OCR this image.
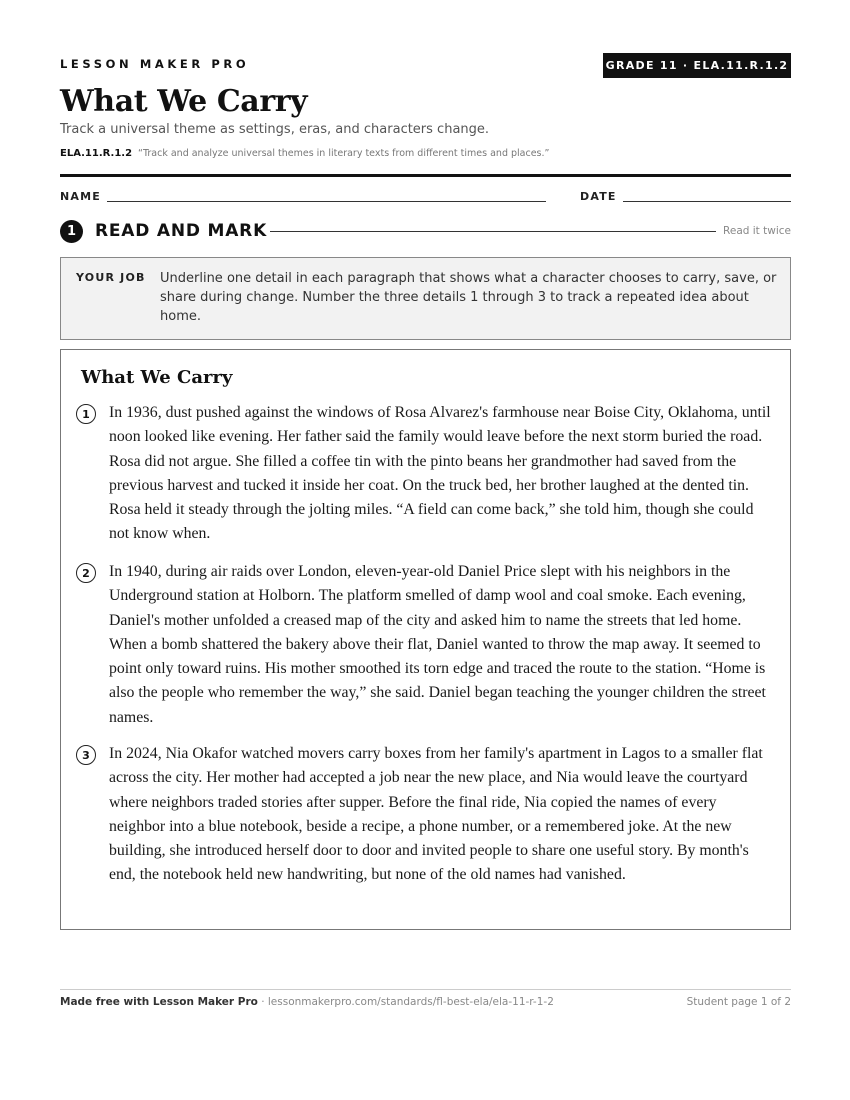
LESSON MAKER PRO	GRADE 11 · ELA.11.R.1.2
What We Carry
Track a universal theme as settings, eras, and characters change.
ELA.11.R.1.2 “Track and analyze universal themes in literary texts from different times and places.”
NAME	DATE
1	READ AND MARK	Read it twice
YOUR JOB Underline one detail in each paragraph that shows what a character chooses to carry, save, or share during change. Number the three details 1 through 3 to track a repeated idea about home.
What We Carry
1	In 1936, dust pushed against the windows of Rosa Alvarez's farmhouse near Boise City, Oklahoma, until noon looked like evening. Her father said the family would leave before the next storm buried the road. Rosa did not argue. She filled a coffee tin with the pinto beans her grandmother had saved from the previous harvest and tucked it inside her coat. On the truck bed, her brother laughed at the dented tin. Rosa held it steady through the jolting miles. “A field can come back,” she told him, though she could not know when.
2	In 1940, during air raids over London, eleven-year-old Daniel Price slept with his neighbors in the Underground station at Holborn. The platform smelled of damp wool and coal smoke. Each evening, Daniel's mother unfolded a creased map of the city and asked him to name the streets that led home. When a bomb shattered the bakery above their flat, Daniel wanted to throw the map away. It seemed to point only toward ruins. His mother smoothed its torn edge and traced the route to the station. “Home is also the people who remember the way,” she said. Daniel began teaching the younger children the street names.
3	In 2024, Nia Okafor watched movers carry boxes from her family's apartment in Lagos to a smaller flat across the city. Her mother had accepted a job near the new place, and Nia would leave the courtyard where neighbors traded stories after supper. Before the final ride, Nia copied the names of every neighbor into a blue notebook, beside a recipe, a phone number, or a remembered joke. At the new building, she introduced herself door to door and invited people to share one useful story. By month's end, the notebook held new handwriting, but none of the old names had vanished.
Made free with Lesson Maker Pro · lessonmakerpro.com/standards/fl-best-ela/ela-11-r-1-2	Student page 1 of 2
